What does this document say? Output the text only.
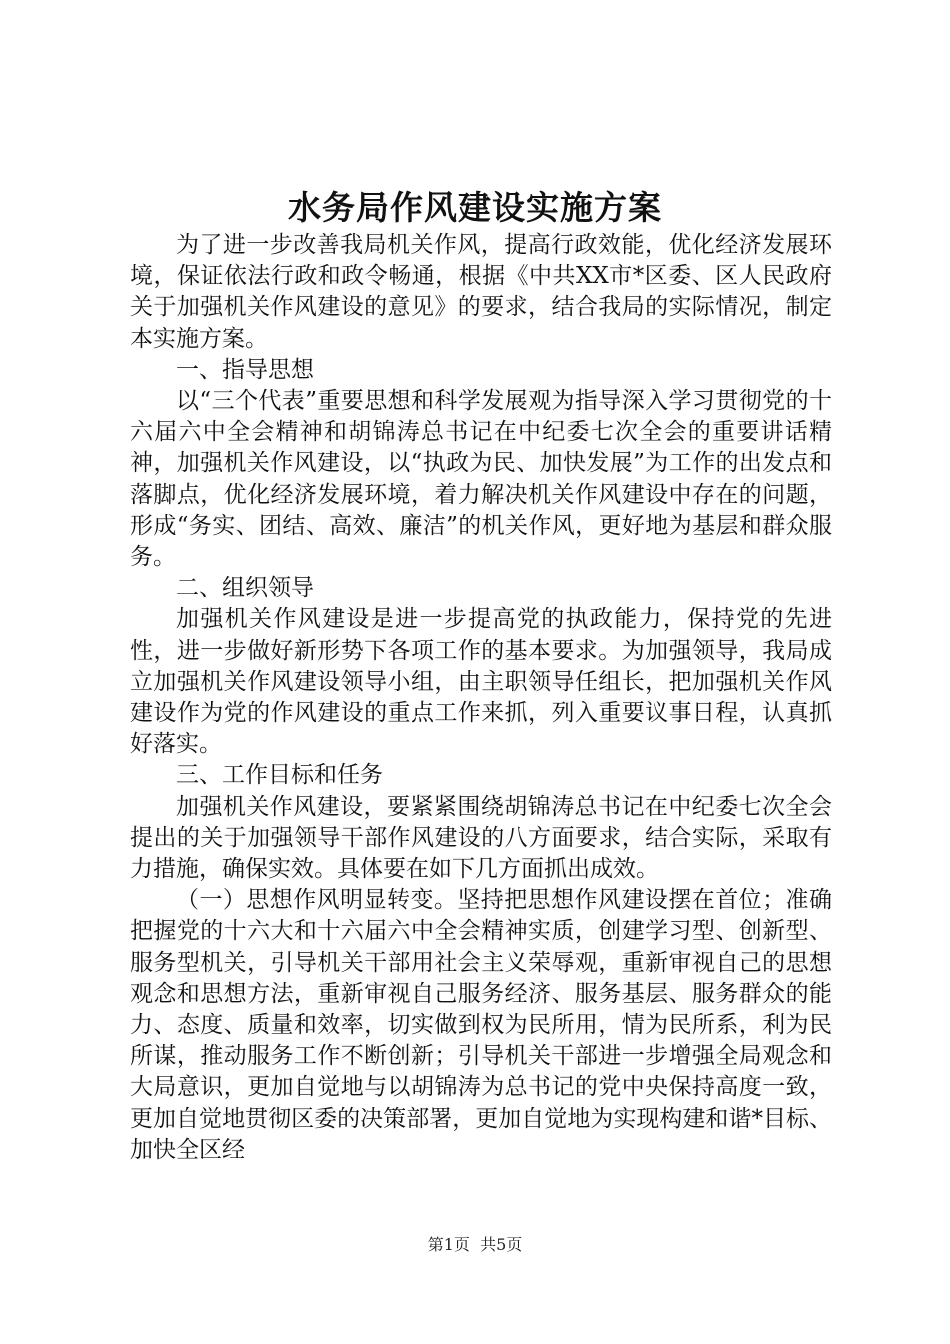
水务局作风建设实施方案

为了进一步改善我局机关作风，提高行政效能，优化经济发展环境，保证依法行政和政令畅通，根据《中共XX市*区委、区人民政府关于加强机关作风建设的意见》的要求，结合我局的实际情况，制定本实施方案。

一、指导思想

以“三个代表”重要思想和科学发展观为指导深入学习贯彻党的十六届六中全会精神和胡锦涛总书记在中纪委七次全会的重要讲话精神，加强机关作风建设，以“执政为民、加快发展”为工作的出发点和落脚点，优化经济发展环境，着力解决机关作风建设中存在的问题，形成“务实、团结、高效、廉洁”的机关作风，更好地为基层和群众服务。

二、组织领导

加强机关作风建设是进一步提高党的执政能力，保持党的先进性，进一步做好新形势下各项工作的基本要求。为加强领导，我局成立加强机关作风建设领导小组，由主职领导任组长，把加强机关作风建设作为党的作风建设的重点工作来抓，列入重要议事日程，认真抓好落实。

三、工作目标和任务

加强机关作风建设，要紧紧围绕胡锦涛总书记在中纪委七次全会提出的关于加强领导干部作风建设的八方面要求，结合实际，采取有力措施，确保实效。具体要在如下几方面抓出成效。

（一）思想作风明显转变。坚持把思想作风建设摆在首位；准确把握党的十六大和十六届六中全会精神实质，创建学习型、创新型、服务型机关，引导机关干部用社会主义荣辱观，重新审视自己的思想观念和思想方法，重新审视自己服务经济、服务基层、服务群众的能力、态度、质量和效率，切实做到权为民所用，情为民所系，利为民所谋，推动服务工作不断创新；引导机关干部进一步增强全局观念和大局意识，更加自觉地与以胡锦涛为总书记的党中央保持高度一致，更加自觉地贯彻区委的决策部署，更加自觉地为实现构建和谐*目标、加快全区经

第1页 共5页
